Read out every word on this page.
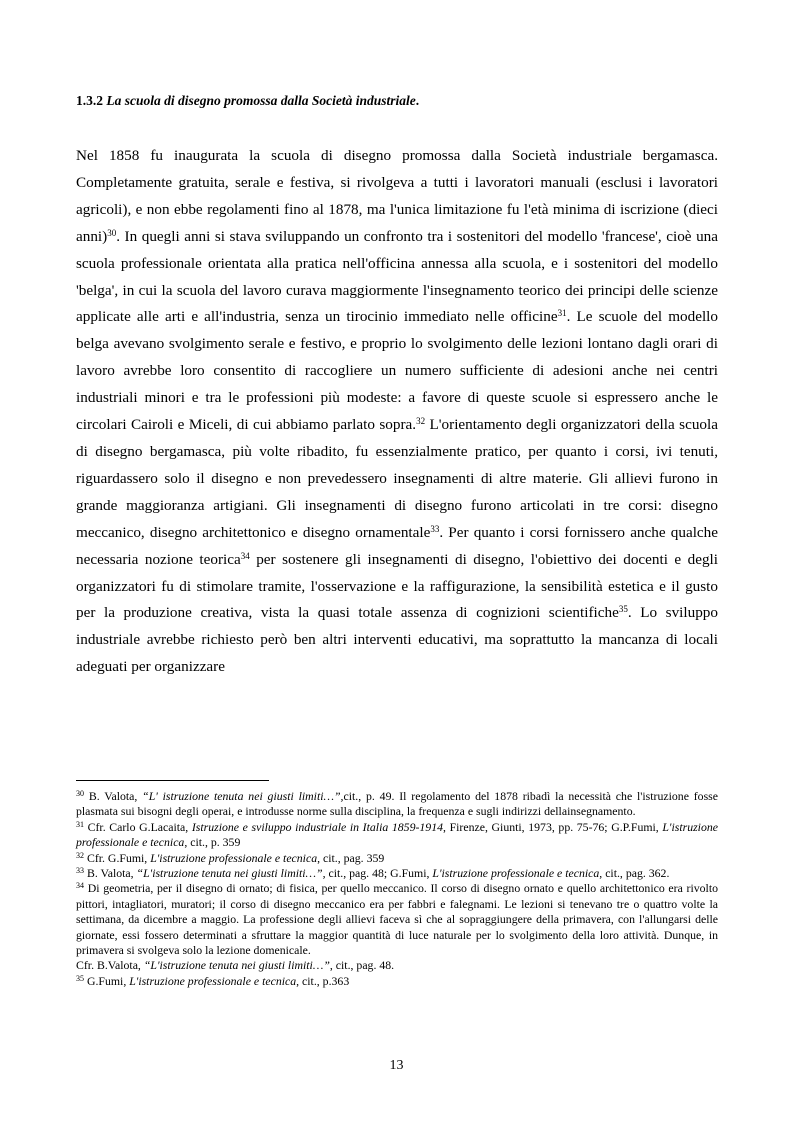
1.3.2 La scuola di disegno promossa dalla Società industriale.

Nel 1858 fu inaugurata la scuola di disegno promossa dalla Società industriale bergamasca. Completamente gratuita, serale e festiva, si rivolgeva a tutti i lavoratori manuali (esclusi i lavoratori agricoli), e non ebbe regolamenti fino al 1878, ma l'unica limitazione fu l'età minima di iscrizione (dieci anni)$^{30}$. In quegli anni si stava sviluppando un confronto tra i sostenitori del modello 'francese', cioè una scuola professionale orientata alla pratica nell'officina annessa alla scuola, e i sostenitori del modello 'belga', in cui la scuola del lavoro curava maggiormente l'insegnamento teorico dei principi delle scienze applicate alle arti e all'industria, senza un tirocinio immediato nelle officine$^{31}$. Le scuole del modello belga avevano svolgimento serale e festivo, e proprio lo svolgimento delle lezioni lontano dagli orari di lavoro avrebbe loro consentito di raccogliere un numero sufficiente di adesioni anche nei centri industriali minori e tra le professioni più modeste: a favore di queste scuole si espressero anche le circolari Cairoli e Miceli, di cui abbiamo parlato sopra.$^{32}$ L'orientamento degli organizzatori della scuola di disegno bergamasca, più volte ribadito, fu essenzialmente pratico, per quanto i corsi, ivi tenuti, riguardassero solo il disegno e non prevedessero insegnamenti di altre materie. Gli allievi furono in grande maggioranza artigiani. Gli insegnamenti di disegno furono articolati in tre corsi: disegno meccanico, disegno architettonico e disegno ornamentale$^{33}$. Per quanto i corsi fornissero anche qualche necessaria nozione teorica$^{34}$ per sostenere gli insegnamenti di disegno, l'obiettivo dei docenti e degli organizzatori fu di stimolare tramite, l'osservazione e la raffigurazione, la sensibilità estetica e il gusto per la produzione creativa, vista la quasi totale assenza di cognizioni scientifiche$^{35}$. Lo sviluppo industriale avrebbe richiesto però ben altri interventi educativi, ma soprattutto la mancanza di locali adeguati per organizzare

$^{30}$ B. Valota, “L' istruzione tenuta nei giusti limiti…”,cit., p. 49. Il regolamento del 1878 ribadì la necessità che l'istruzione fosse plasmata sui bisogni degli operai, e introdusse norme sulla disciplina, la frequenza e sugli indirizzi dellainsegnamento.

$^{31}$ Cfr. Carlo G.Lacaita, Istruzione e sviluppo industriale in Italia 1859-1914, Firenze, Giunti, 1973, pp. 75-76; G.P.Fumi, L'istruzione professionale e tecnica, cit., p. 359

$^{32}$ Cfr. G.Fumi, L'istruzione professionale e tecnica, cit., pag. 359

$^{33}$ B. Valota, “L'istruzione tenuta nei giusti limiti…”, cit., pag. 48; G.Fumi, L'istruzione professionale e tecnica, cit., pag. 362.

$^{34}$ Di geometria, per il disegno di ornato; di fisica, per quello meccanico. Il corso di disegno ornato e quello architettonico era rivolto pittori, intagliatori, muratori; il corso di disegno meccanico era per fabbri e falegnami. Le lezioni si tenevano tre o quattro volte la settimana, da dicembre a maggio. La professione degli allievi faceva sì che al sopraggiungere della primavera, con l'allungarsi delle giornate, essi fossero determinati a sfruttare la maggior quantità di luce naturale per lo svolgimento della loro attività. Dunque, in primavera si svolgeva solo la lezione domenicale.
Cfr. B.Valota, “L'istruzione tenuta nei giusti limiti…”, cit., pag. 48.

$^{35}$ G.Fumi, L'istruzione professionale e tecnica, cit., p.363

13
